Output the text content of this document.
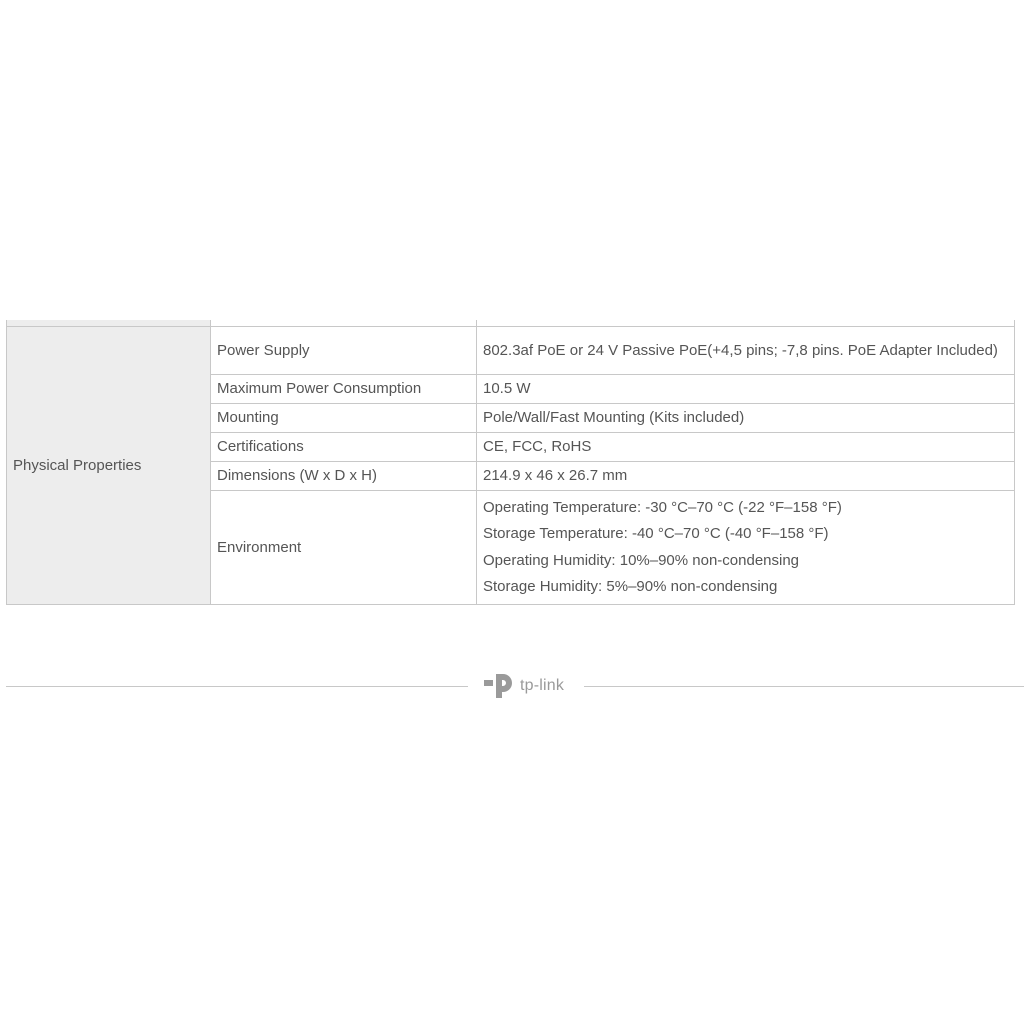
Physical Properties	Power Supply	802.3af PoE or 24 V Passive PoE(+4,5 pins; -7,8 pins. PoE Adapter Included)
	Maximum Power Consumption	10.5 W
	Mounting	Pole/Wall/Fast Mounting (Kits included)
	Certifications	CE, FCC, RoHS
	Dimensions (W x D x H)	214.9 x 46 x 26.7 mm
	Environment	Operating Temperature: -30 °C–70 °C (-22 °F–158 °F)
Storage Temperature: -40 °C–70 °C (-40 °F–158 °F)
Operating Humidity: 10%–90% non-condensing
Storage Humidity: 5%–90% non-condensing
tp-link
